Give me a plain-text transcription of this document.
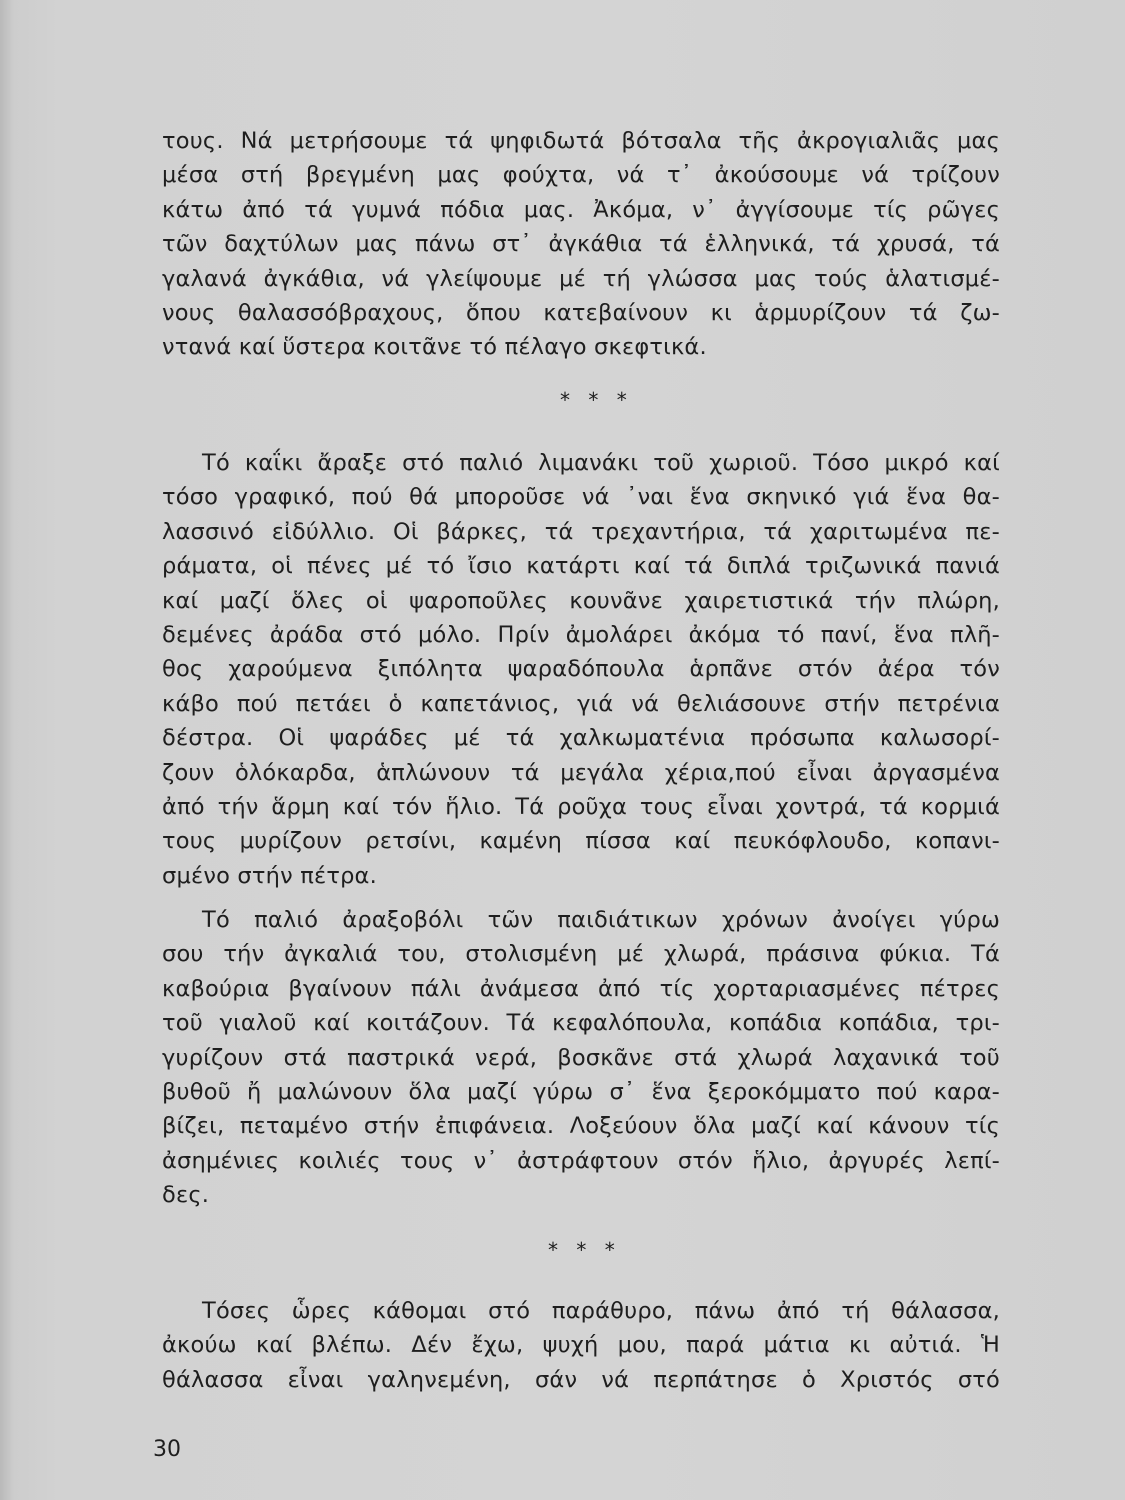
τους. Νά μετρήσουμε τά ψηφιδωτά βότσαλα τῆς ἀκρογιαλιᾶς μας
μέσα στή βρεγμένη μας φούχτα, νά τ᾽ ἀκούσουμε νά τρίζουν
κάτω ἀπό τά γυμνά πόδια μας. Ἀκόμα, ν᾽ ἀγγίσουμε τίς ρῶγες
τῶν δαχτύλων μας πάνω στ᾽ ἀγκάθια τά ἑλληνικά, τά χρυσά, τά
γαλανά ἀγκάθια, νά γλείψουμε μέ τή γλώσσα μας τούς ἁλατισμέ-
νους θαλασσόβραχους, ὅπου κατεβαίνουν κι ἁρμυρίζουν τά ζω-
ντανά καί ὕστερα κοιτᾶνε τό πέλαγο σκεφτικά.
* * *
Τό καΐκι ἄραξε στό παλιό λιμανάκι τοῦ χωριοῦ. Τόσο μικρό καί
τόσο γραφικό, πού θά μποροῦσε νά ᾽ναι ἕνα σκηνικό γιά ἕνα θα-
λασσινό εἰδύλλιο. Οἱ βάρκες, τά τρεχαντήρια, τά χαριτωμένα πε-
ράματα, οἱ πένες μέ τό ἴσιο κατάρτι καί τά διπλά τριζωνικά πανιά
καί μαζί ὅλες οἱ ψαροποῦλες κουνᾶνε χαιρετιστικά τήν πλώρη,
δεμένες ἀράδα στό μόλο. Πρίν ἀμολάρει ἀκόμα τό πανί, ἕνα πλῆ-
θος χαρούμενα ξιπόλητα ψαραδόπουλα ἁρπᾶνε στόν ἀέρα τόν
κάβο πού πετάει ὁ καπετάνιος, γιά νά θελιάσουνε στήν πετρένια
δέστρα. Οἱ ψαράδες μέ τά χαλκωματένια πρόσωπα καλωσορί-
ζουν ὁλόκαρδα, ἁπλώνουν τά μεγάλα χέρια,πού εἶναι ἀργασμένα
ἀπό τήν ἅρμη καί τόν ἥλιο. Τά ροῦχα τους εἶναι χοντρά, τά κορμιά
τους μυρίζουν ρετσίνι, καμένη πίσσα καί πευκόφλουδο, κοπανι-
σμένο στήν πέτρα.
Τό παλιό ἀραξοβόλι τῶν παιδιάτικων χρόνων ἀνοίγει γύρω
σου τήν ἀγκαλιά του, στολισμένη μέ χλωρά, πράσινα φύκια. Τά
καβούρια βγαίνουν πάλι ἀνάμεσα ἀπό τίς χορταριασμένες πέτρες
τοῦ γιαλοῦ καί κοιτάζουν. Τά κεφαλόπουλα, κοπάδια κοπάδια, τρι-
γυρίζουν στά παστρικά νερά, βοσκᾶνε στά χλωρά λαχανικά τοῦ
βυθοῦ ἤ μαλώνουν ὅλα μαζί γύρω σ᾽ ἕνα ξεροκόμματο πού καρα-
βίζει, πεταμένο στήν ἐπιφάνεια. Λοξεύουν ὅλα μαζί καί κάνουν τίς
ἀσημένιες κοιλιές τους ν᾽ ἀστράφτουν στόν ἥλιο, ἀργυρές λεπί-
δες.
* * *
Τόσες ὧρες κάθομαι στό παράθυρο, πάνω ἀπό τή θάλασσα,
ἀκούω καί βλέπω. Δέν ἔχω, ψυχή μου, παρά μάτια κι αὐτιά. Ἡ
θάλασσα εἶναι γαληνεμένη, σάν νά περπάτησε ὁ Χριστός στό
30
